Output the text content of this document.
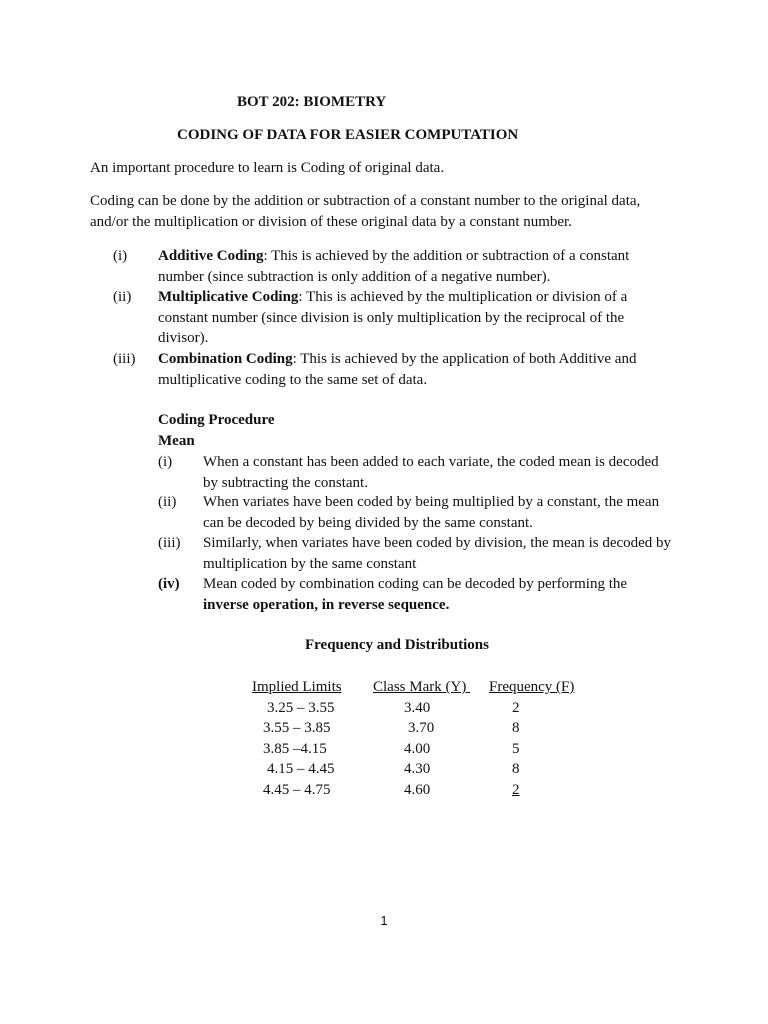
BOT 202: BIOMETRY
CODING OF DATA FOR EASIER COMPUTATION
An important procedure to learn is Coding of original data.
Coding can be done by the addition or subtraction of a constant number to the original data, and/or the multiplication or division of these original data by a constant number.
(i) Additive Coding: This is achieved by the addition or subtraction of a constant number (since subtraction is only addition of a negative number).
(ii) Multiplicative Coding: This is achieved by the multiplication or division of a constant number (since division is only multiplication by the reciprocal of the divisor).
(iii) Combination Coding: This is achieved by the application of both Additive and multiplicative coding to the same set of data.
Coding Procedure
Mean
(i) When a constant has been added to each variate, the coded mean is decoded by subtracting the constant.
(ii) When variates have been coded by being multiplied by a constant, the mean can be decoded by being divided by the same constant.
(iii) Similarly, when variates have been coded by division, the mean is decoded by multiplication by the same constant
(iv) Mean coded by combination coding can be decoded by performing the inverse operation, in reverse sequence.
Frequency and Distributions
Implied Limits	Class Mark (Y)	Frequency (F)
3.25 – 3.55	3.40	2
3.55 – 3.85	3.70	8
3.85 –4.15	4.00	5
4.15 – 4.45	4.30	8
4.45 – 4.75	4.60	2
1
